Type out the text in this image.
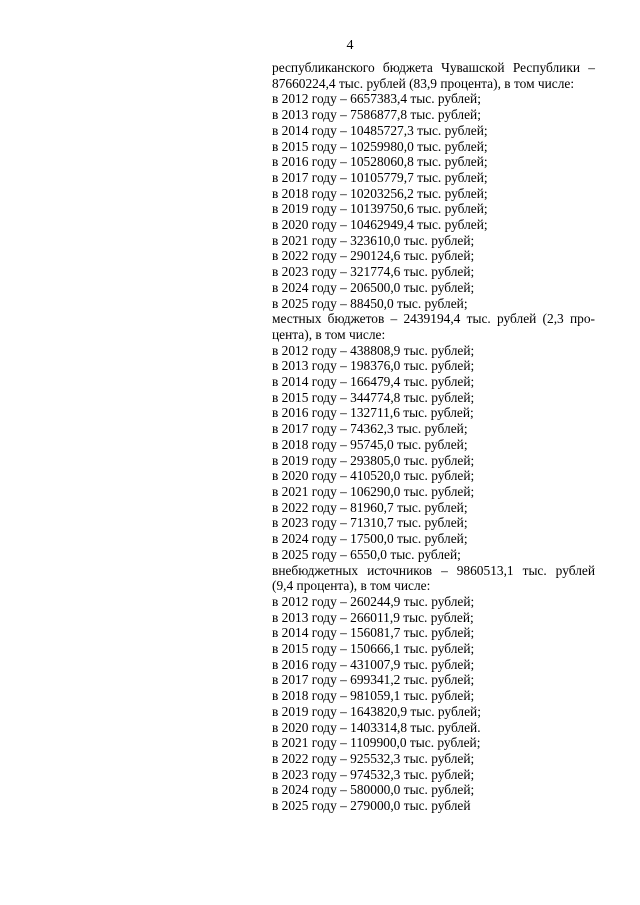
4
республиканского бюджета Чувашской Республики –
87660224,4 тыс. рублей (83,9 процента), в том числе:
в 2012 году – 6657383,4 тыс. рублей;
в 2013 году – 7586877,8 тыс. рублей;
в 2014 году – 10485727,3 тыс. рублей;
в 2015 году – 10259980,0 тыс. рублей;
в 2016 году – 10528060,8 тыс. рублей;
в 2017 году – 10105779,7 тыс. рублей;
в 2018 году – 10203256,2 тыс. рублей;
в 2019 году – 10139750,6 тыс. рублей;
в 2020 году – 10462949,4 тыс. рублей;
в 2021 году – 323610,0 тыс. рублей;
в 2022 году – 290124,6 тыс. рублей;
в 2023 году – 321774,6 тыс. рублей;
в 2024 году – 206500,0 тыс. рублей;
в 2025 году – 88450,0 тыс. рублей;
местных бюджетов – 2439194,4 тыс. рублей (2,3 про-
цента), в том числе:
в 2012 году – 438808,9 тыс. рублей;
в 2013 году – 198376,0 тыс. рублей;
в 2014 году – 166479,4 тыс. рублей;
в 2015 году – 344774,8 тыс. рублей;
в 2016 году – 132711,6 тыс. рублей;
в 2017 году – 74362,3 тыс. рублей;
в 2018 году – 95745,0 тыс. рублей;
в 2019 году – 293805,0 тыс. рублей;
в 2020 году – 410520,0 тыс. рублей;
в 2021 году – 106290,0 тыс. рублей;
в 2022 году – 81960,7 тыс. рублей;
в 2023 году – 71310,7 тыс. рублей;
в 2024 году – 17500,0 тыс. рублей;
в 2025 году – 6550,0 тыс. рублей;
внебюджетных источников – 9860513,1 тыс. рублей
(9,4 процента), в том числе:
в 2012 году – 260244,9 тыс. рублей;
в 2013 году – 266011,9 тыс. рублей;
в 2014 году – 156081,7 тыс. рублей;
в 2015 году – 150666,1 тыс. рублей;
в 2016 году – 431007,9 тыс. рублей;
в 2017 году – 699341,2 тыс. рублей;
в 2018 году – 981059,1 тыс. рублей;
в 2019 году – 1643820,9 тыс. рублей;
в 2020 году – 1403314,8 тыс. рублей.
в 2021 году – 1109900,0 тыс. рублей;
в 2022 году – 925532,3 тыс. рублей;
в 2023 году – 974532,3 тыс. рублей;
в 2024 году – 580000,0 тыс. рублей;
в 2025 году – 279000,0 тыс. рублей
